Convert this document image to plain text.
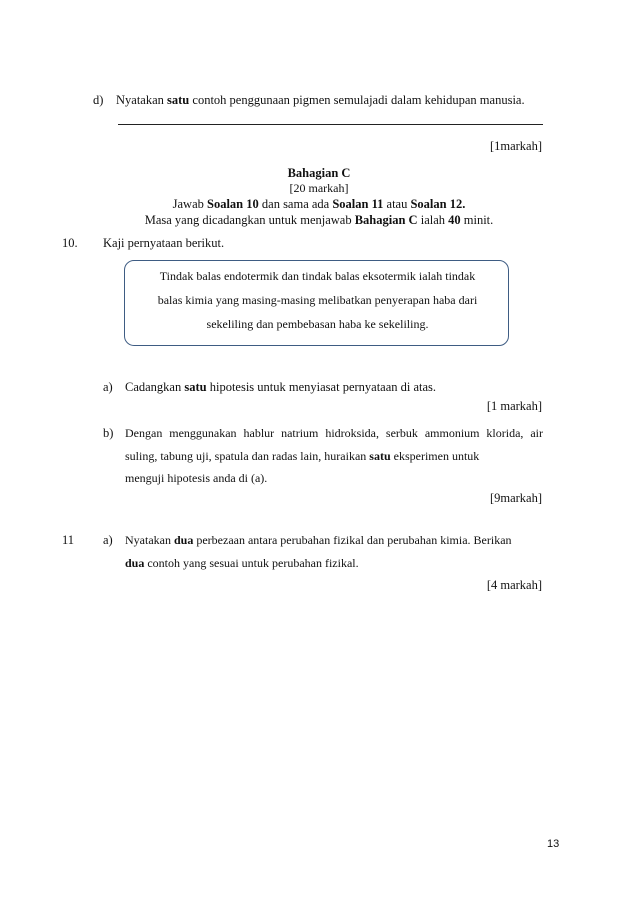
d) Nyatakan satu contoh penggunaan pigmen semulajadi dalam kehidupan manusia.
[1markah]
Bahagian C
[20 markah]
Jawab Soalan 10 dan sama ada Soalan 11 atau Soalan 12.
Masa yang dicadangkan untuk menjawab Bahagian C ialah 40 minit.
10. Kaji pernyataan berikut.
Tindak balas endotermik dan tindak balas eksotermik ialah tindak
balas kimia yang masing-masing melibatkan penyerapan haba dari
sekeliling dan pembebasan haba ke sekeliling.
a) Cadangkan satu hipotesis untuk menyiasat pernyataan di atas.
[1 markah]
b) Dengan menggunakan hablur natrium hidroksida, serbuk ammonium klorida, air
suling, tabung uji, spatula dan radas lain, huraikan satu eksperimen untuk
menguji hipotesis anda di (a).
[9markah]
11 a) Nyatakan dua perbezaan antara perubahan fizikal dan perubahan kimia. Berikan
dua contoh yang sesuai untuk perubahan fizikal.
[4 markah]
13
